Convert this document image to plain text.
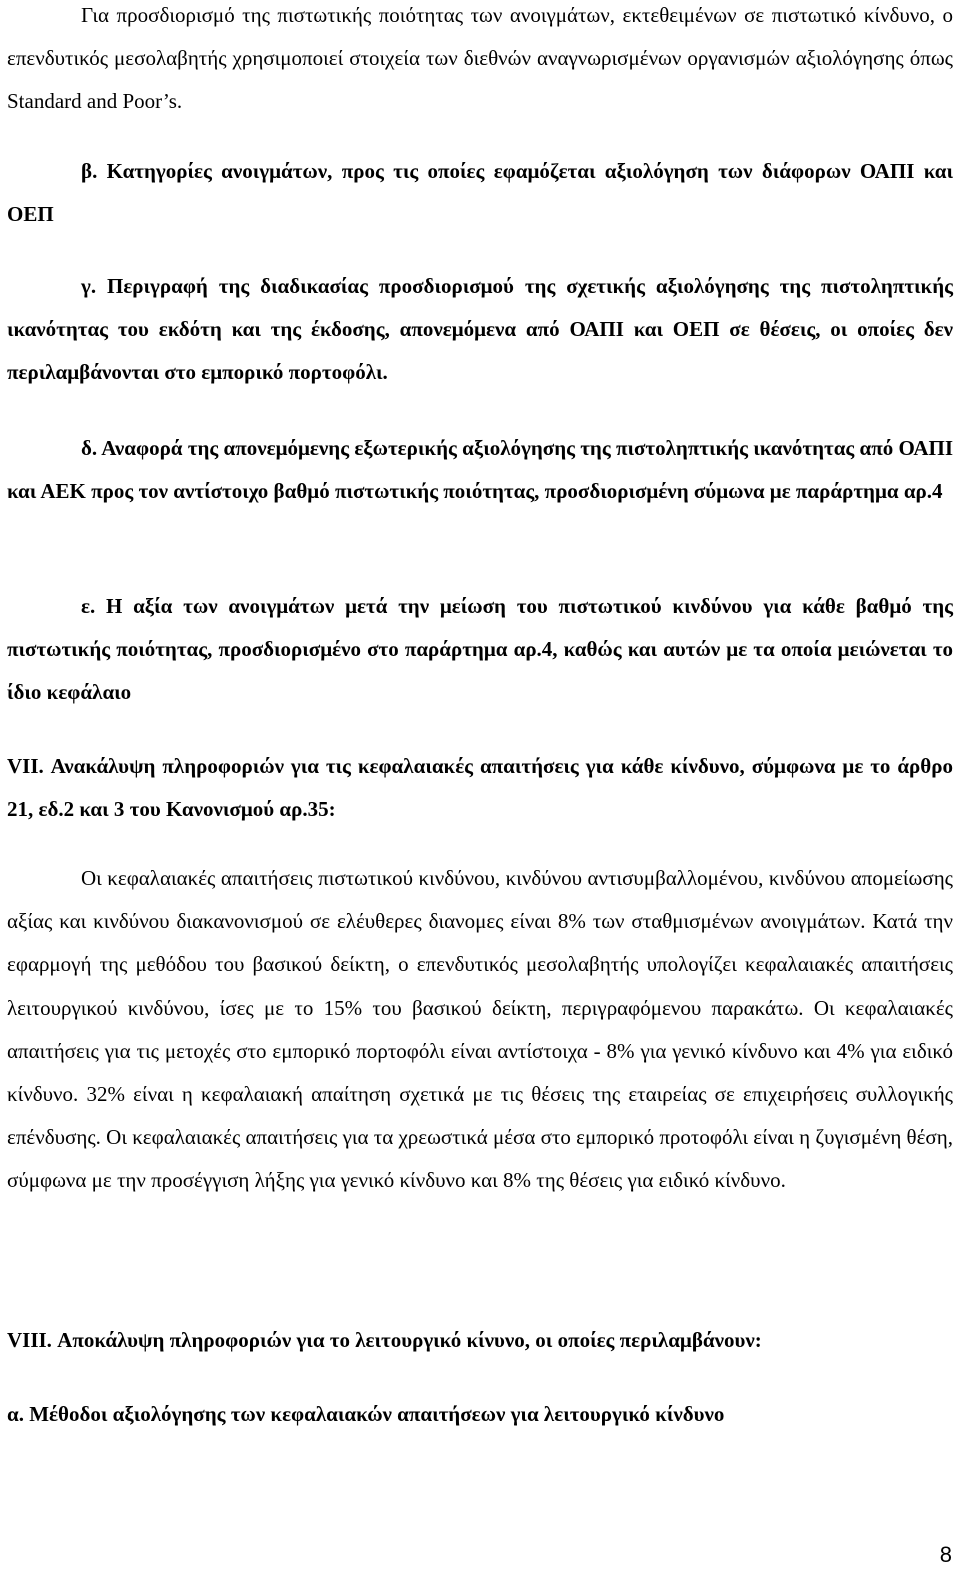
Για προσδιορισμό της πιστωτικής ποιότητας των ανοιγμάτων, εκτεθειμένων σε πιστωτικό κίνδυνο, ο επενδυτικός μεσολαβητής χρησιμοποιεί στοιχεία των διεθνών αναγνωρισμένων οργανισμών αξιολόγησης όπως Standard and Poor’s.

β. Κατηγορίες ανοιγμάτων, προς τις οποίες εφαμόζεται αξιολόγηση των διάφορων ΟΑΠΙ και ΟΕΠ

γ. Περιγραφή της διαδικασίας προσδιορισμού της σχετικής αξιολόγησης της πιστοληπτικής ικανότητας του εκδότη και της έκδοσης, απονεμόμενα από ΟΑΠΙ και ΟΕΠ σε θέσεις, οι οποίες δεν περιλαμβάνονται στο εμπορικό πορτοφόλι.

δ. Αναφορά της απονεμόμενης εξωτερικής αξιολόγησης της πιστοληπτικής ικανότητας από ΟΑΠΙ και ΑΕΚ προς τον αντίστοιχο βαθμό πιστωτικής ποιότητας, προσδιορισμένη σύμωνα με παράρτημα αρ.4

ε. Η αξία των ανοιγμάτων μετά την μείωση του πιστωτικού κινδύνου για κάθε βαθμό της πιστωτικής ποιότητας, προσδιορισμένο στο παράρτημα αρ.4, καθώς και αυτών με τα οποία μειώνεται το ίδιο κεφάλαιο

VII. Ανακάλυψη πληροφοριών για τις κεφαλαιακές απαιτήσεις για κάθε κίνδυνο, σύμφωνα με το άρθρο 21, εδ.2 και 3 του Κανονισμού αρ.35:

Οι κεφαλαιακές απαιτήσεις πιστωτικού κινδύνου, κινδύνου αντισυμβαλλομένου, κινδύνου απομείωσης αξίας και κινδύνου διακανονισμού σε ελέυθερες διανομες είναι 8% των σταθμισμένων ανοιγμάτων. Κατά την εφαρμογή της μεθόδου του βασικού δείκτη, ο επενδυτικός μεσολαβητής υπολογίζει κεφαλαιακές απαιτήσεις λειτουργικού κινδύνου, ίσες με το 15% του βασικού δείκτη, περιγραφόμενου παρακάτω. Οι κεφαλαιακές απαιτήσεις για τις μετοχές στο εμπορικό πορτοφόλι είναι αντίστοιχα - 8% για γενικό κίνδυνο και 4% για ειδικό κίνδυνο. 32% είναι η κεφαλαιακή απαίτηση σχετικά με τις θέσεις της εταιρείας σε επιχειρήσεις συλλογικής επένδυσης. Οι κεφαλαιακές απαιτήσεις για τα χρεωστικά μέσα στο εμπορικό προτοφόλι είναι η ζυγισμένη θέση, σύμφωνα με την προσέγγιση λήξης για γενικό κίνδυνο και 8% της θέσεις για ειδικό κίνδυνο.

VIII. Αποκάλυψη πληροφοριών για το λειτουργικό κίνυνο, οι οποίες περιλαμβάνουν:

α. Μέθοδοι αξιολόγησης των κεφαλαιακών απαιτήσεων για λειτουργικό κίνδυνο

8
